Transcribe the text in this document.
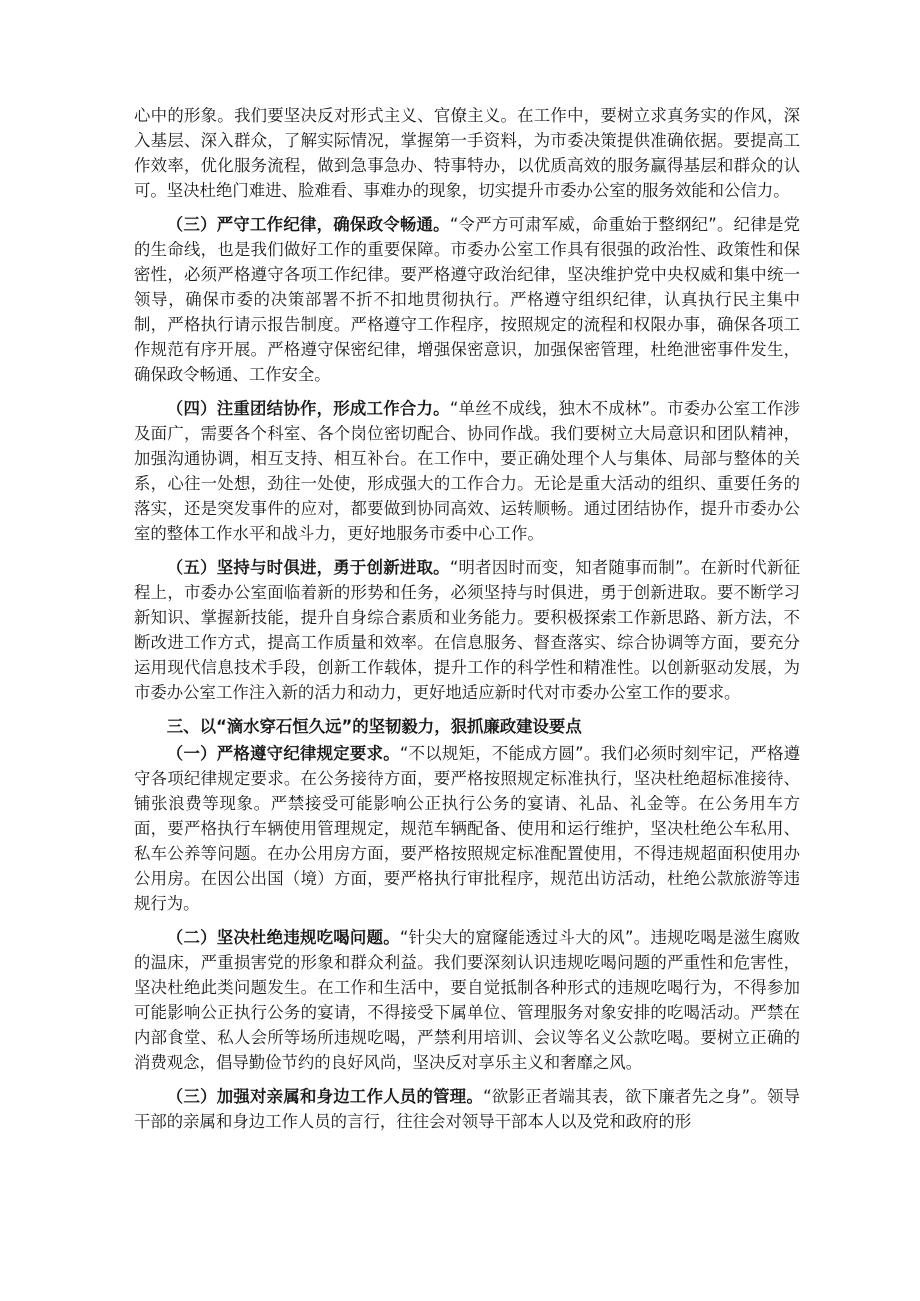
心中的形象。我们要坚决反对形式主义、官僚主义。在工作中，要树立求真务实的作风，深入基层、深入群众，了解实际情况，掌握第一手资料，为市委决策提供准确依据。要提高工作效率，优化服务流程，做到急事急办、特事特办，以优质高效的服务赢得基层和群众的认可。坚决杜绝门难进、脸难看、事难办的现象，切实提升市委办公室的服务效能和公信力。

（三）严守工作纪律，确保政令畅通。“令严方可肃军威，命重始于整纲纪”。纪律是党的生命线，也是我们做好工作的重要保障。市委办公室工作具有很强的政治性、政策性和保密性，必须严格遵守各项工作纪律。要严格遵守政治纪律，坚决维护党中央权威和集中统一领导，确保市委的决策部署不折不扣地贯彻执行。严格遵守组织纪律，认真执行民主集中制，严格执行请示报告制度。严格遵守工作程序，按照规定的流程和权限办事，确保各项工作规范有序开展。严格遵守保密纪律，增强保密意识，加强保密管理，杜绝泄密事件发生，确保政令畅通、工作安全。

（四）注重团结协作，形成工作合力。“单丝不成线，独木不成林”。市委办公室工作涉及面广，需要各个科室、各个岗位密切配合、协同作战。我们要树立大局意识和团队精神，加强沟通协调，相互支持、相互补台。在工作中，要正确处理个人与集体、局部与整体的关系，心往一处想，劲往一处使，形成强大的工作合力。无论是重大活动的组织、重要任务的落实，还是突发事件的应对，都要做到协同高效、运转顺畅。通过团结协作，提升市委办公室的整体工作水平和战斗力，更好地服务市委中心工作。

（五）坚持与时俱进，勇于创新进取。“明者因时而变，知者随事而制”。在新时代新征程上，市委办公室面临着新的形势和任务，必须坚持与时俱进，勇于创新进取。要不断学习新知识、掌握新技能，提升自身综合素质和业务能力。要积极探索工作新思路、新方法，不断改进工作方式，提高工作质量和效率。在信息服务、督查落实、综合协调等方面，要充分运用现代信息技术手段，创新工作载体，提升工作的科学性和精准性。以创新驱动发展，为市委办公室工作注入新的活力和动力，更好地适应新时代对市委办公室工作的要求。

三、以“滴水穿石恒久远”的坚韧毅力，狠抓廉政建设要点

（一）严格遵守纪律规定要求。“不以规矩，不能成方圆”。我们必须时刻牢记，严格遵守各项纪律规定要求。在公务接待方面，要严格按照规定标准执行，坚决杜绝超标准接待、铺张浪费等现象。严禁接受可能影响公正执行公务的宴请、礼品、礼金等。在公务用车方面，要严格执行车辆使用管理规定，规范车辆配备、使用和运行维护，坚决杜绝公车私用、私车公养等问题。在办公用房方面，要严格按照规定标准配置使用，不得违规超面积使用办公用房。在因公出国（境）方面，要严格执行审批程序，规范出访活动，杜绝公款旅游等违规行为。

（二）坚决杜绝违规吃喝问题。“针尖大的窟窿能透过斗大的风”。违规吃喝是滋生腐败的温床，严重损害党的形象和群众利益。我们要深刻认识违规吃喝问题的严重性和危害性，坚决杜绝此类问题发生。在工作和生活中，要自觉抵制各种形式的违规吃喝行为，不得参加可能影响公正执行公务的宴请，不得接受下属单位、管理服务对象安排的吃喝活动。严禁在内部食堂、私人会所等场所违规吃喝，严禁利用培训、会议等名义公款吃喝。要树立正确的消费观念，倡导勤俭节约的良好风尚，坚决反对享乐主义和奢靡之风。

（三）加强对亲属和身边工作人员的管理。“欲影正者端其表，欲下廉者先之身”。领导干部的亲属和身边工作人员的言行，往往会对领导干部本人以及党和政府的形
